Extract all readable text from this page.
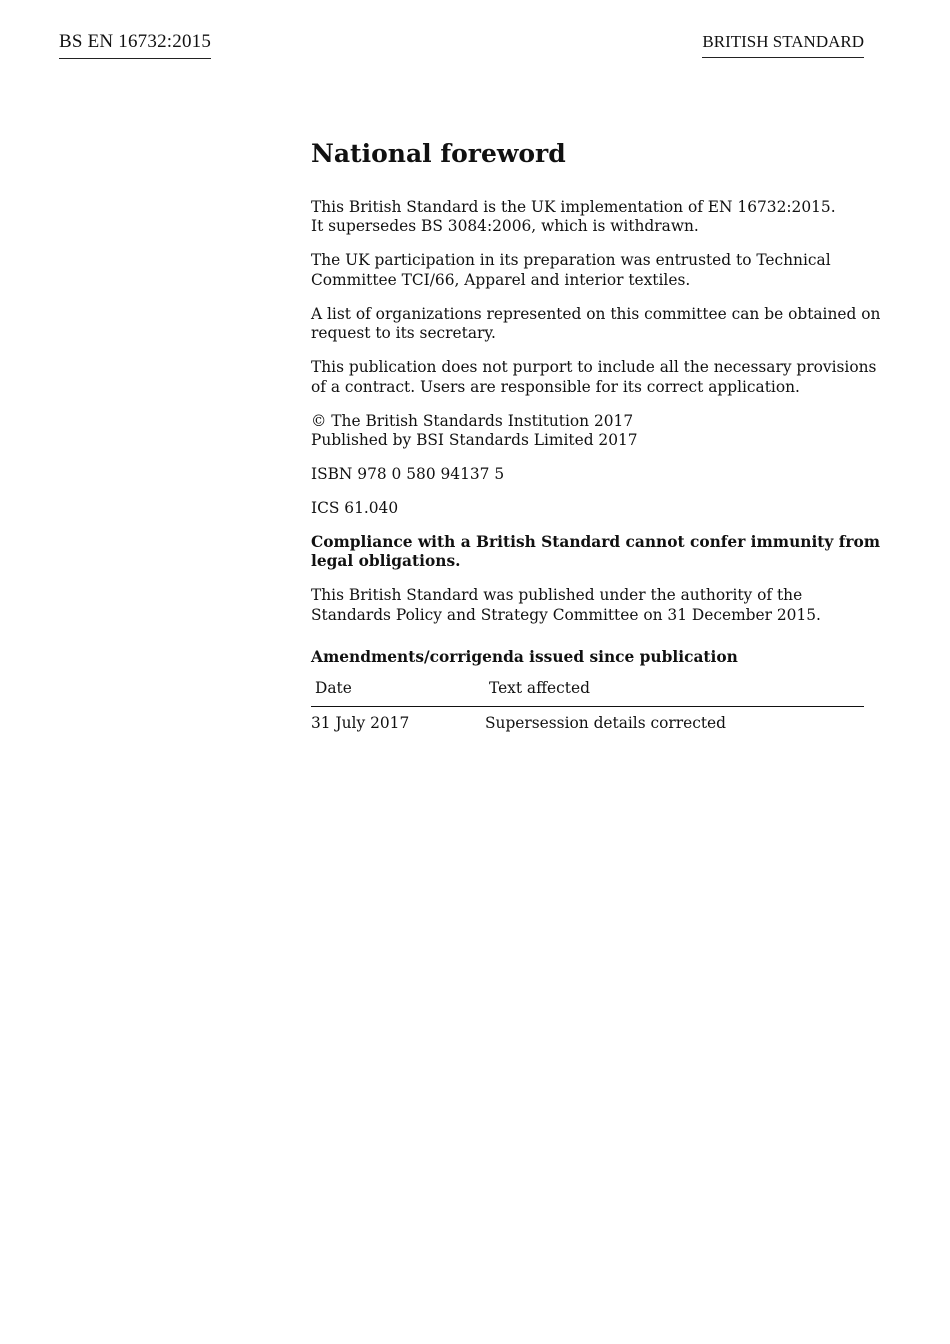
BS EN 16732:2015	BRITISH STANDARD
National foreword
This British Standard is the UK implementation of EN 16732:2015.
It supersedes BS 3084:2006, which is withdrawn.
The UK participation in its preparation was entrusted to Technical
Committee TCI/66, Apparel and interior textiles.
A list of organizations represented on this committee can be obtained on
request to its secretary.
This publication does not purport to include all the necessary provisions
of a contract. Users are responsible for its correct application.
© The British Standards Institution 2017
Published by BSI Standards Limited 2017
ISBN 978 0 580 94137 5
ICS 61.040
Compliance with a British Standard cannot confer immunity from
legal obligations.
This British Standard was published under the authority of the
Standards Policy and Strategy Committee on 31 December 2015.
Amendments/corrigenda issued since publication
Date	Text affected
31 July 2017	Supersession details corrected
